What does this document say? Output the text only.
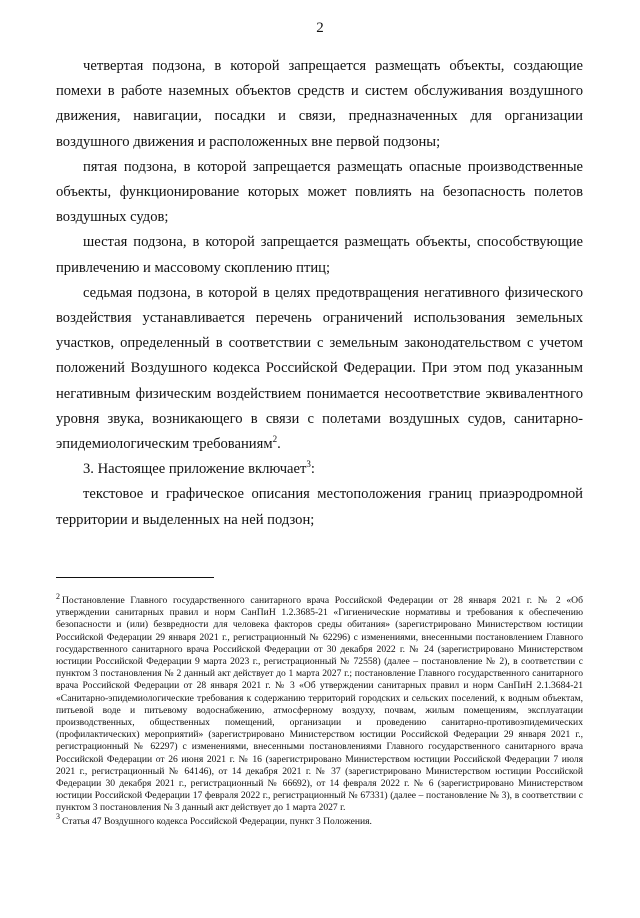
2

четвертая подзона, в которой запрещается размещать объекты, создающие помехи в работе наземных объектов средств и систем обслуживания воздушного движения, навигации, посадки и связи, предназначенных для организации воздушного движения и расположенных вне первой подзоны;

пятая подзона, в которой запрещается размещать опасные производственные объекты, функционирование которых может повлиять на безопасность полетов воздушных судов;

шестая подзона, в которой запрещается размещать объекты, способствующие привлечению и массовому скоплению птиц;

седьмая подзона, в которой в целях предотвращения негативного физического воздействия устанавливается перечень ограничений использования земельных участков, определенный в соответствии с земельным законодательством с учетом положений Воздушного кодекса Российской Федерации. При этом под указанным негативным физическим воздействием понимается несоответствие эквивалентного уровня звука, возникающего в связи с полетами воздушных судов, санитарно-эпидемиологическим требованиям$^2$.

3. Настоящее приложение включает$^3$:

текстовое и графическое описания местоположения границ приаэродромной территории и выделенных на ней подзон;

$^2$ Постановление Главного государственного санитарного врача Российской Федерации от 28 января 2021 г. № 2 «Об утверждении санитарных правил и норм СанПиН 1.2.3685-21 «Гигиенические нормативы и требования к обеспечению безопасности и (или) безвредности для человека факторов среды обитания» (зарегистрировано Министерством юстиции Российской Федерации 29 января 2021 г., регистрационный № 62296) с изменениями, внесенными постановлением Главного государственного санитарного врача Российской Федерации от 30 декабря 2022 г. № 24 (зарегистрировано Министерством юстиции Российской Федерации 9 марта 2023 г., регистрационный № 72558) (далее – постановление № 2), в соответствии с пунктом 3 постановления № 2 данный акт действует до 1 марта 2027 г.; постановление Главного государственного санитарного врача Российской Федерации от 28 января 2021 г. № 3 «Об утверждении санитарных правил и норм СанПиН 2.1.3684-21 «Санитарно-эпидемиологические требования к содержанию территорий городских и сельских поселений, к водным объектам, питьевой воде и питьевому водоснабжению, атмосферному воздуху, почвам, жилым помещениям, эксплуатации производственных, общественных помещений, организации и проведению санитарно-противоэпидемических (профилактических) мероприятий» (зарегистрировано Министерством юстиции Российской Федерации 29 января 2021 г., регистрационный № 62297) с изменениями, внесенными постановлениями Главного государственного санитарного врача Российской Федерации от 26 июня 2021 г. № 16 (зарегистрировано Министерством юстиции Российской Федерации 7 июля 2021 г., регистрационный № 64146), от 14 декабря 2021 г. № 37 (зарегистрировано Министерством юстиции Российской Федерации 30 декабря 2021 г., регистрационный № 66692), от 14 февраля 2022 г. № 6 (зарегистрировано Министерством юстиции Российской Федерации 17 февраля 2022 г., регистрационный № 67331) (далее – постановление № 3), в соответствии с пунктом 3 постановления № 3 данный акт действует до 1 марта 2027 г.

$^3$ Статья 47 Воздушного кодекса Российской Федерации, пункт 3 Положения.
